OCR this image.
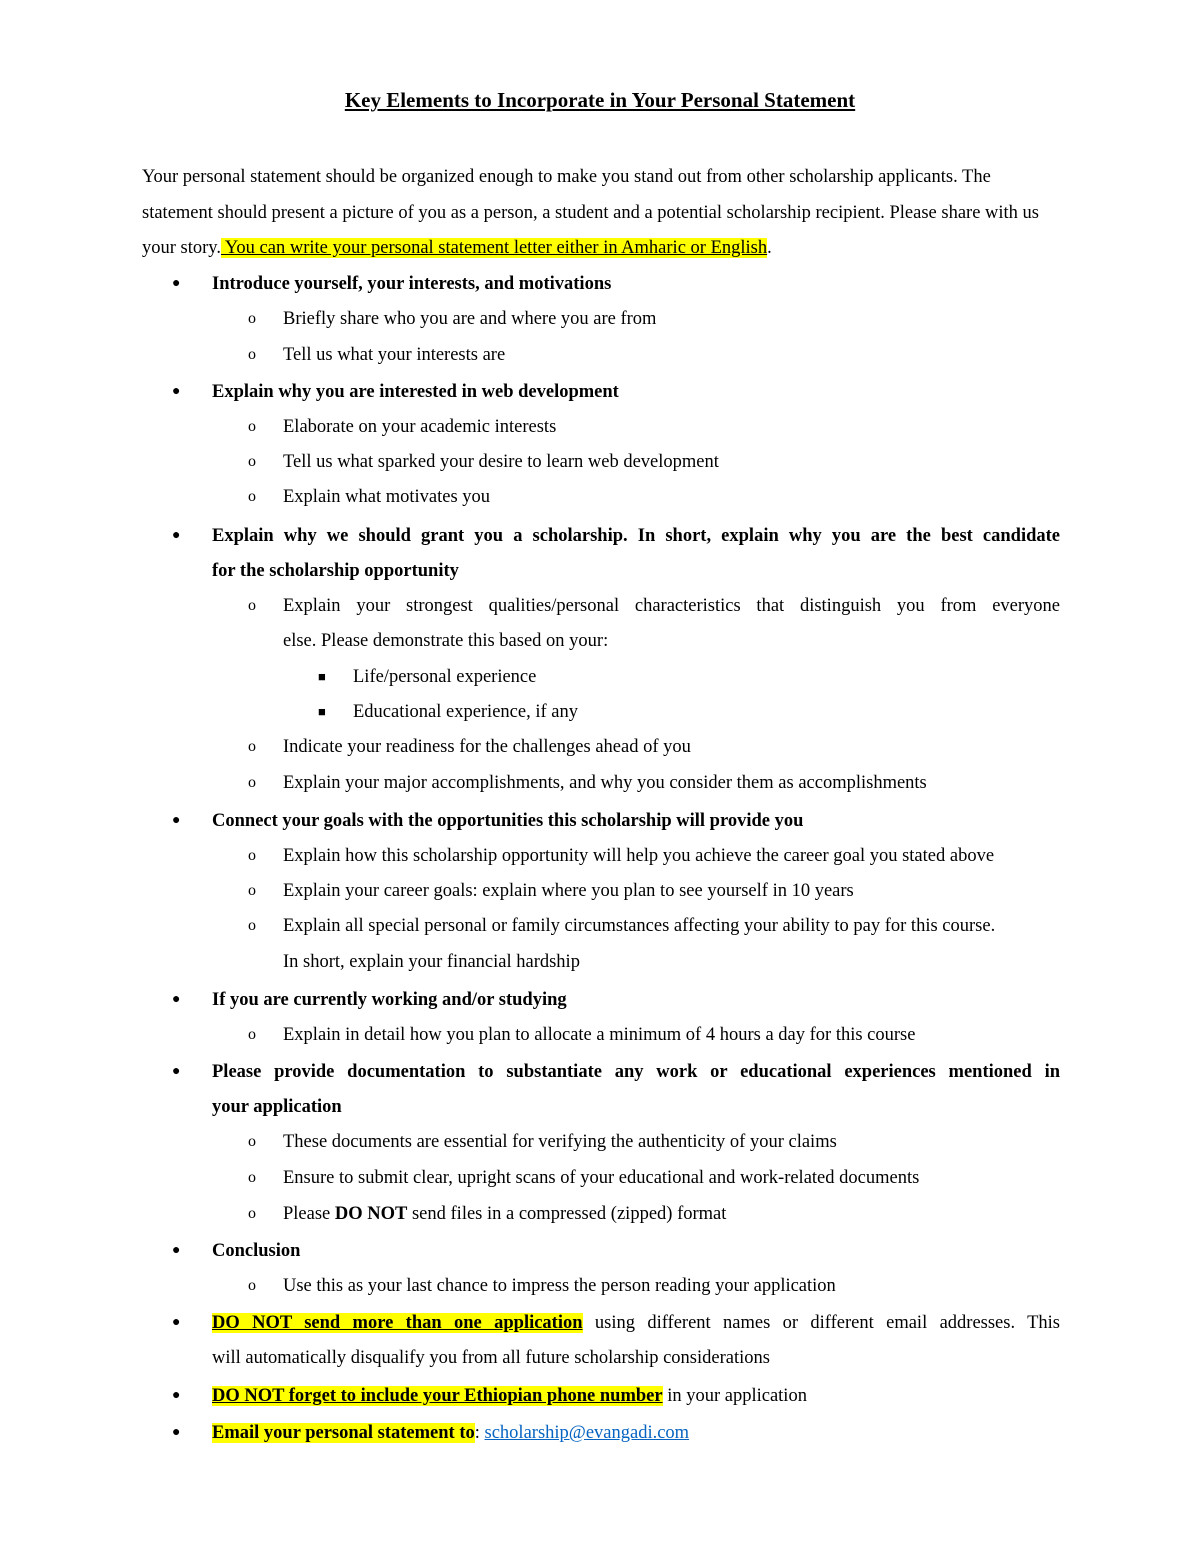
Key Elements to Incorporate in Your Personal Statement

Your personal statement should be organized enough to make you stand out from other scholarship applicants. The statement should present a picture of you as a person, a student and a potential scholarship recipient. Please share with us your story. You can write your personal statement letter either in Amharic or English.

● Introduce yourself, your interests, and motivations
o Briefly share who you are and where you are from
o Tell us what your interests are
● Explain why you are interested in web development
o Elaborate on your academic interests
o Tell us what sparked your desire to learn web development
o Explain what motivates you
● Explain why we should grant you a scholarship. In short, explain why you are the best candidate
for the scholarship opportunity
o Explain your strongest qualities/personal characteristics that distinguish you from everyone
else. Please demonstrate this based on your:
■ Life/personal experience
■ Educational experience, if any
o Indicate your readiness for the challenges ahead of you
o Explain your major accomplishments, and why you consider them as accomplishments
● Connect your goals with the opportunities this scholarship will provide you
o Explain how this scholarship opportunity will help you achieve the career goal you stated above
o Explain your career goals: explain where you plan to see yourself in 10 years
o Explain all special personal or family circumstances affecting your ability to pay for this course.
In short, explain your financial hardship
● If you are currently working and/or studying
o Explain in detail how you plan to allocate a minimum of 4 hours a day for this course
● Please provide documentation to substantiate any work or educational experiences mentioned in
your application
o These documents are essential for verifying the authenticity of your claims
o Ensure to submit clear, upright scans of your educational and work-related documents
o Please DO NOT send files in a compressed (zipped) format
● Conclusion
o Use this as your last chance to impress the person reading your application
● DO NOT send more than one application using different names or different email addresses. This
will automatically disqualify you from all future scholarship considerations
● DO NOT forget to include your Ethiopian phone number in your application
● Email your personal statement to: scholarship@evangadi.com
